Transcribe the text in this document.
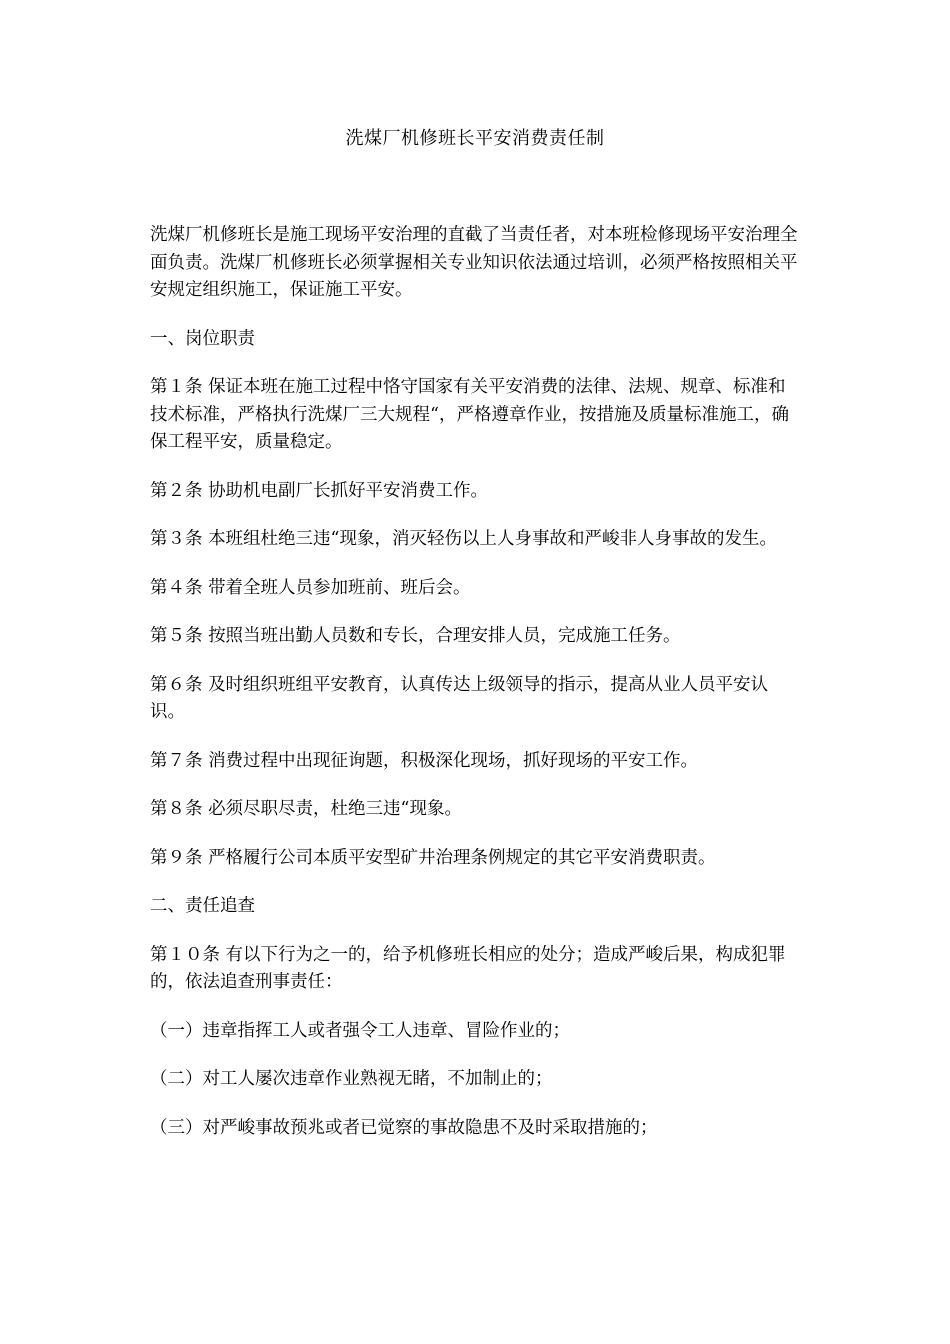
洗煤厂机修班长平安消费责任制

洗煤厂机修班长是施工现场平安治理的直截了当责任者，对本班检修现场平安治理全面负责。洗煤厂机修班长必须掌握相关专业知识依法通过培训，必须严格按照相关平安规定组织施工，保证施工平安。

一、岗位职责

第１条 保证本班在施工过程中恪守国家有关平安消费的法律、法规、规章、标准和技术标准，严格执行洗煤厂三大规程“，严格遵章作业，按措施及质量标准施工，确保工程平安，质量稳定。

第２条 协助机电副厂长抓好平安消费工作。

第３条 本班组杜绝三违“现象，消灭轻伤以上人身事故和严峻非人身事故的发生。

第４条 带着全班人员参加班前、班后会。

第５条 按照当班出勤人员数和专长，合理安排人员，完成施工任务。

第６条 及时组织班组平安教育，认真传达上级领导的指示，提高从业人员平安认识。

第７条 消费过程中出现征询题，积极深化现场，抓好现场的平安工作。

第８条 必须尽职尽责，杜绝三违“现象。

第９条 严格履行公司本质平安型矿井治理条例规定的其它平安消费职责。

二、责任追查

第１０条 有以下行为之一的，给予机修班长相应的处分；造成严峻后果，构成犯罪的，依法追查刑事责任：

（一）违章指挥工人或者强令工人违章、冒险作业的；

（二）对工人屡次违章作业熟视无睹，不加制止的；

（三）对严峻事故预兆或者已觉察的事故隐患不及时采取措施的；
